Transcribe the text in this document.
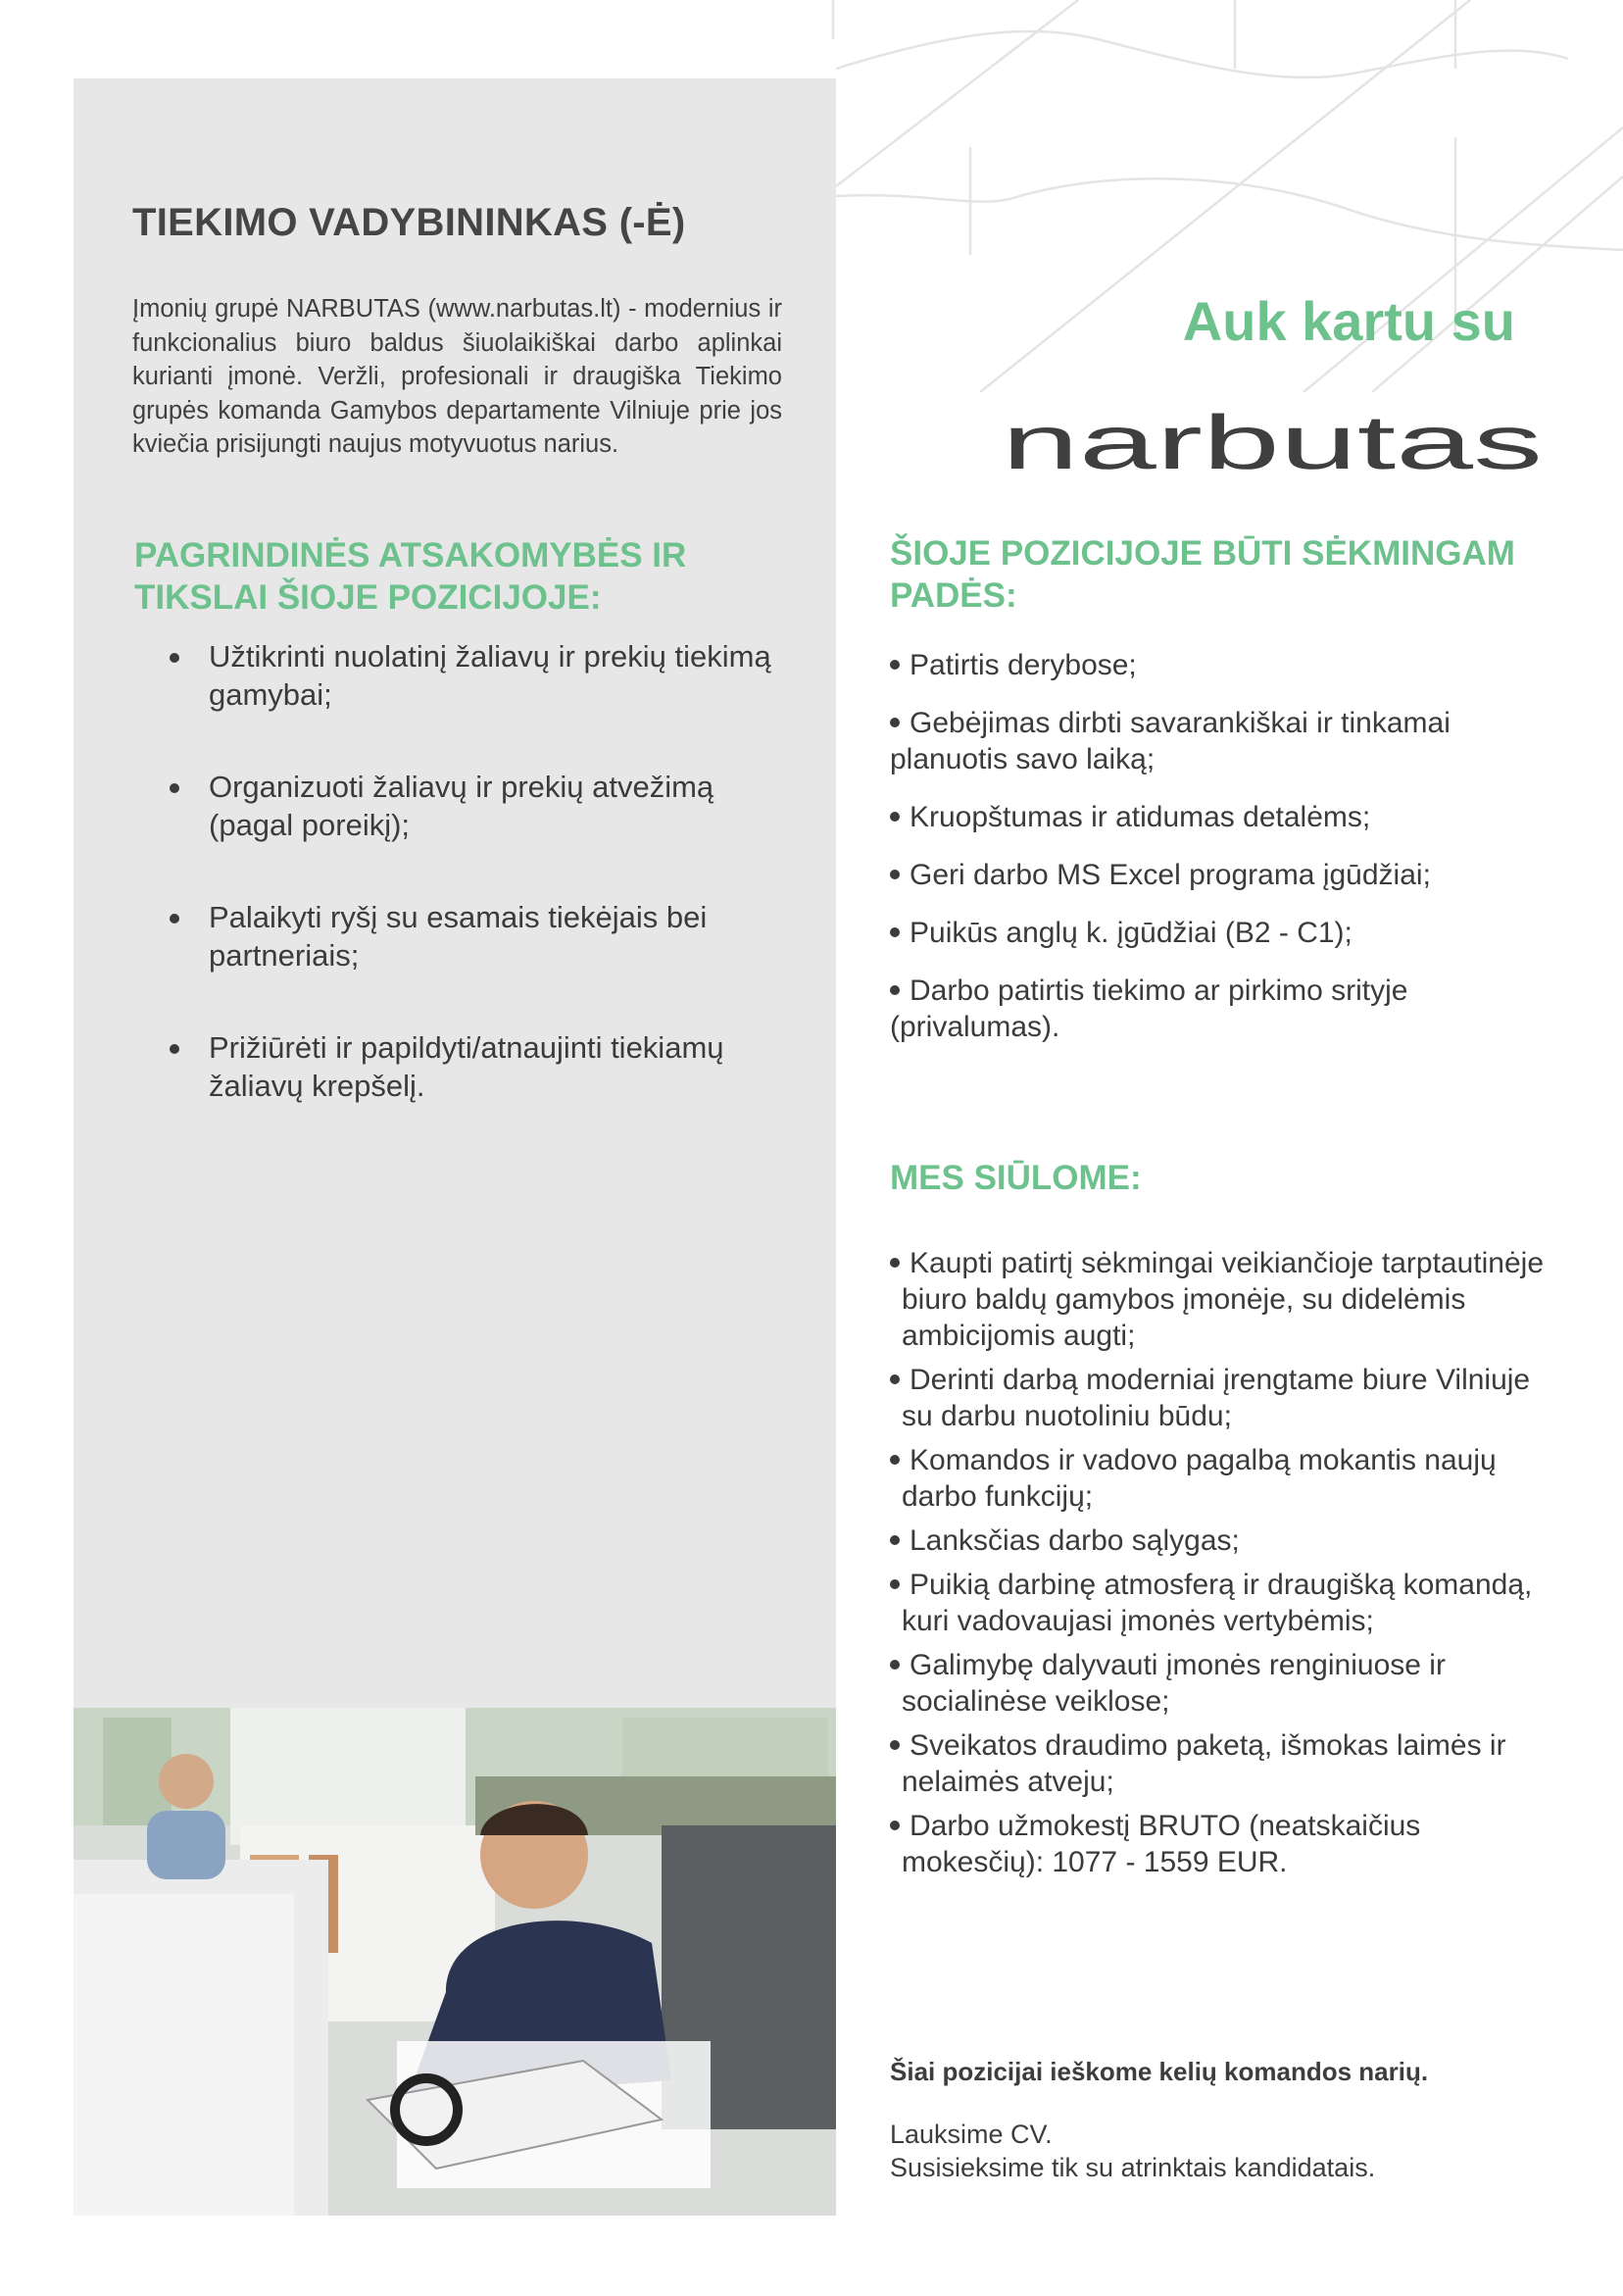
TIEKIMO VADYBININKAS (-Ė)

Įmonių grupė NARBUTAS (www.narbutas.lt) - modernius ir funkcionalius biuro baldus šiuolaikiškai darbo aplinkai kurianti įmonė. Veržli, profesionali ir draugiška Tiekimo grupės komanda Gamybos departamente Vilniuje prie jos kviečia prisijungti naujus motyvuotus narius.

PAGRINDINĖS ATSAKOMYBĖS IR
TIKSLAI ŠIOJE POZICIJOJE:
Užtikrinti nuolatinį žaliavų ir prekių tiekimą gamybai;
Organizuoti žaliavų ir prekių atvežimą (pagal poreikį);
Palaikyti ryšį su esamais tiekėjais bei partneriais;
Prižiūrėti ir papildyti/atnaujinti tiekiamų žaliavų krepšelį.

Auk kartu su

narbutas
ŠIOJE POZICIJOJE BŪTI SĖKMINGAM
PADĖS:
Patirtis derybose;
Gebėjimas dirbti savarankiškai ir tinkamai planuotis savo laiką;
Kruopštumas ir atidumas detalėms;
Geri darbo MS Excel programa įgūdžiai;
Puikūs anglų k. įgūdžiai (B2 - C1);
Darbo patirtis tiekimo ar pirkimo srityje (privalumas).
MES SIŪLOME:
Kaupti patirtį sėkmingai veikiančioje tarptautinėje biuro baldų gamybos įmonėje, su didelėmis ambicijomis augti;
Derinti darbą moderniai įrengtame biure Vilniuje su darbu nuotoliniu būdu;
Komandos ir vadovo pagalbą mokantis naujų darbo funkcijų;
Lanksčias darbo sąlygas;
Puikią darbinę atmosferą ir draugišką komandą, kuri vadovaujasi įmonės vertybėmis;
Galimybę dalyvauti įmonės renginiuose ir socialinėse veiklose;
Sveikatos draudimo paketą, išmokas laimės ir nelaimės atveju;
Darbo užmokestį BRUTO (neatskaičius mokesčių): 1077 - 1559 EUR.

Šiai pozicijai ieškome kelių komandos narių.

Lauksime CV.
Susisieksime tik su atrinktais kandidatais.
